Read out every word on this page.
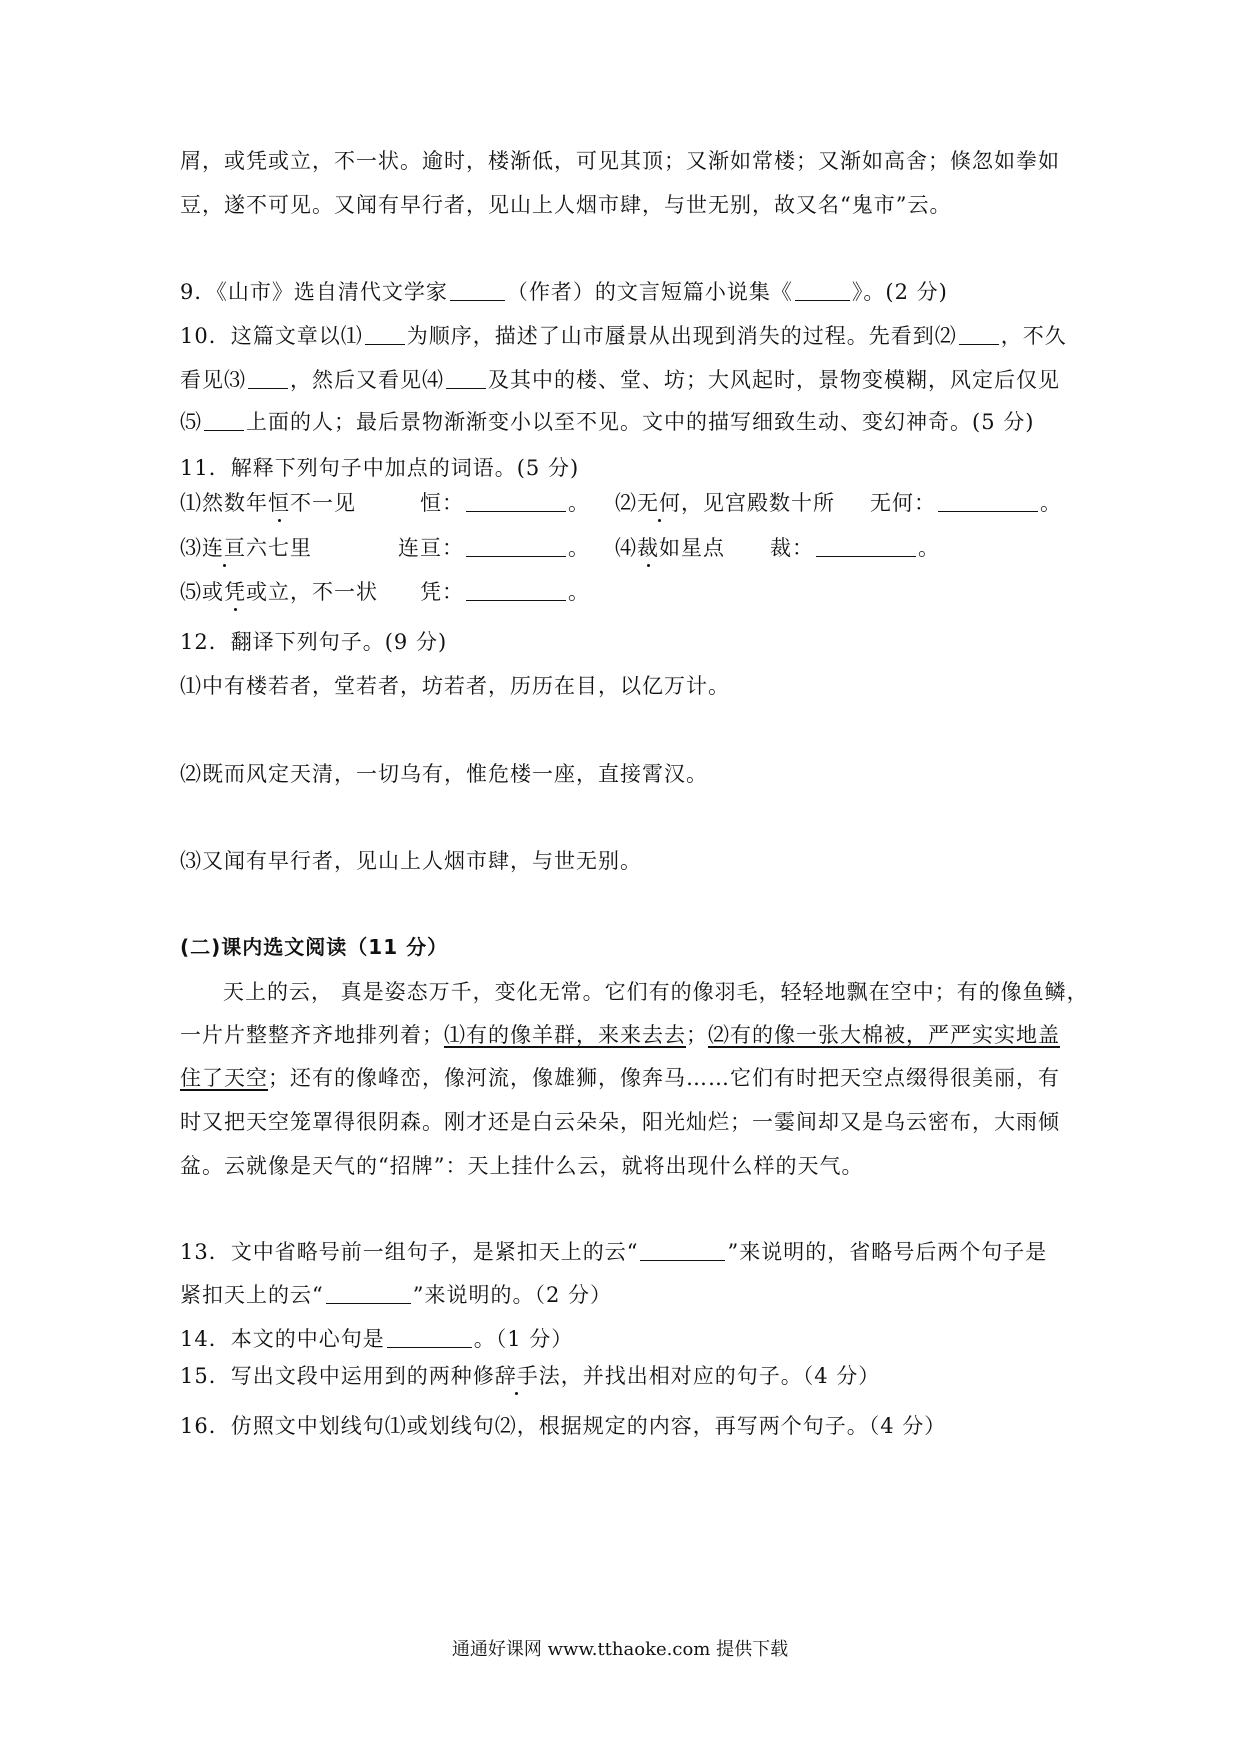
屑，或凭或立，不一状。逾时，楼渐低，可见其顶；又渐如常楼；又渐如高舍；倏忽如拳如
豆，遂不可见。又闻有早行者，见山上人烟市肆，与世无别，故又名“鬼市”云。
9．《山市》选自清代文学家	（作者）的文言短篇小说集《	》。(2 分)
10．这篇文章以⑴ 为顺序，描述了山市蜃景从出现到消失的过程。先看到⑵ ，不久
看见⑶ ，然后又看见⑷ 及其中的楼、堂、坊；大风起时，景物变模糊，风定后仅见
⑸ 上面的人；最后景物渐渐变小以至不见。文中的描写细致生动、变幻神奇。(5 分)
11．解释下列句子中加点的词语。(5 分)
⑴然数年恒不一见	恒：	。 ⑵无何，见宫殿数十所 无何：	。
⑶连亘六七里	连亘：	。 ⑷裁如星点 裁：	。
⑸或凭或立，不一状 凭：	。
12．翻译下列句子。(9 分)
⑴中有楼若者，堂若者，坊若者，历历在目，以亿万计。
⑵既而风定天清，一切乌有，惟危楼一座，直接霄汉。
⑶又闻有早行者，见山上人烟市肆，与世无别。
(二)课内选文阅读（11 分）
天上的云， 真是姿态万千，变化无常。它们有的像羽毛，轻轻地飘在空中；有的像鱼鳞，
一片片整整齐齐地排列着；⑴有的像羊群，来来去去；⑵有的像一张大棉被，严严实实地盖
住了天空；还有的像峰峦，像河流，像雄狮，像奔马……它们有时把天空点缀得很美丽，有
时又把天空笼罩得很阴森。刚才还是白云朵朵，阳光灿烂；一霎间却又是乌云密布，大雨倾
盆。云就像是天气的“招牌”：天上挂什么云，就将出现什么样的天气。
13．文中省略号前一组句子，是紧扣天上的云“	”来说明的，省略号后两个句子是
紧扣天上的云“	”来说明的。（2 分）
14．本文的中心句是	。（1 分）
15．写出文段中运用到的两种修辞手法，并找出相对应的句子。（4 分）
16．仿照文中划线句⑴或划线句⑵，根据规定的内容，再写两个句子。（4 分）
通通好课网 www.tthaoke.com 提供下载
